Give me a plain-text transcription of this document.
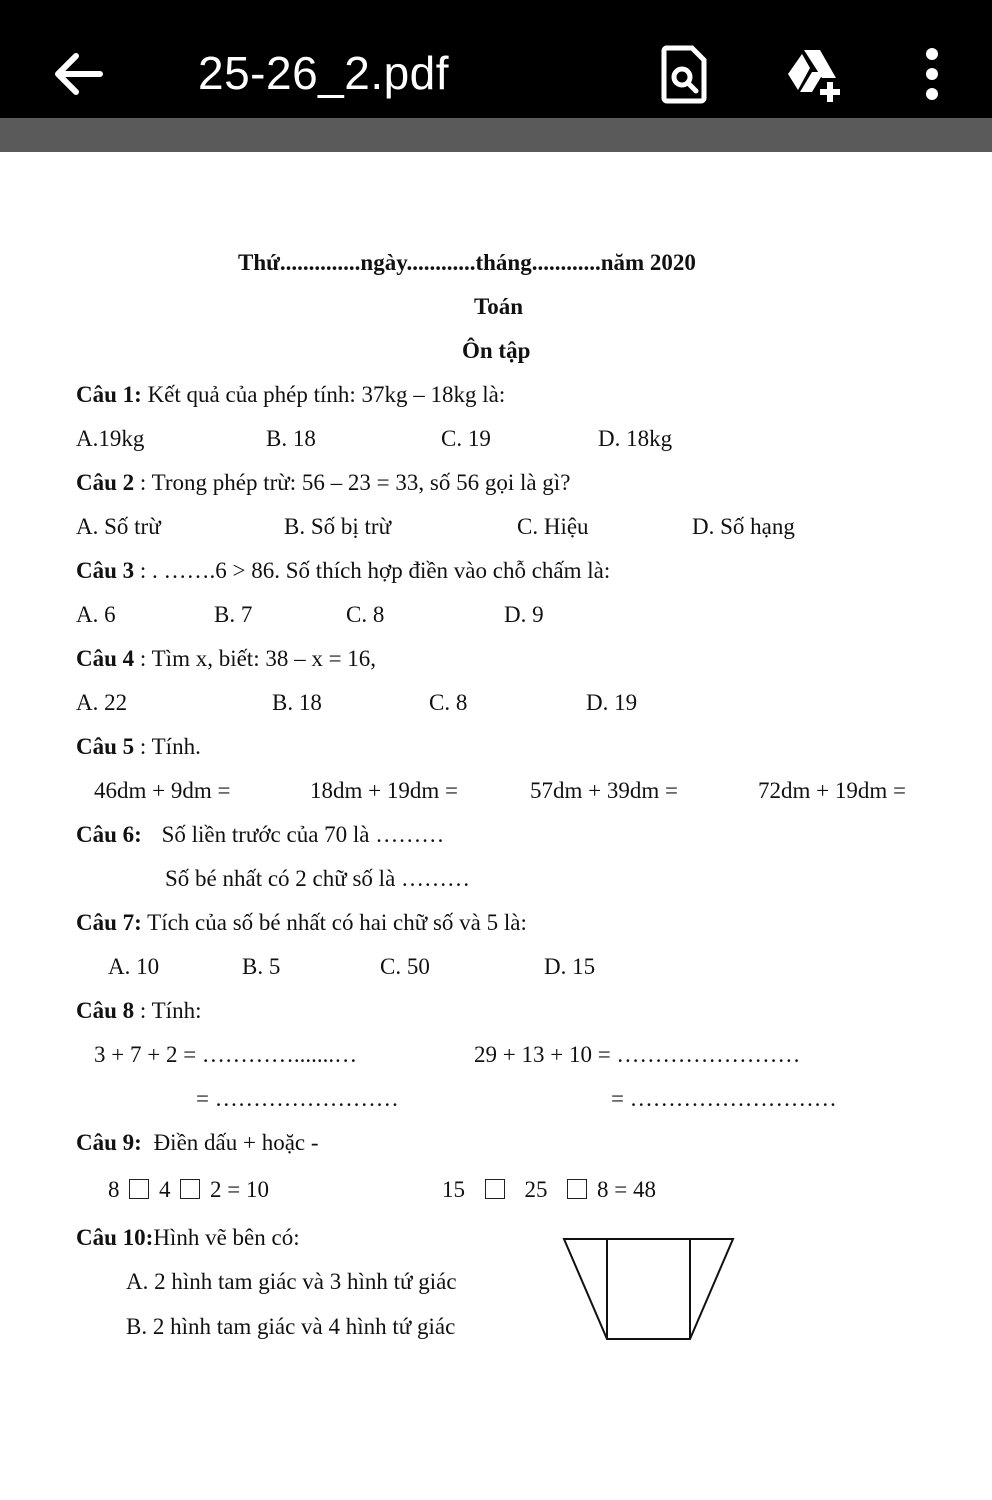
25-26_2.pdf
Thứ..............ngày............tháng............năm 2020
Toán
Ôn tập
Câu 1: Kết quả của phép tính: 37kg – 18kg là:
A.19kg	B. 18	C. 19	D. 18kg
Câu 2 : Trong phép trừ: 56 – 23 = 33, số 56 gọi là gì?
A. Số trừ	B. Số bị trừ	C. Hiệu	D. Số hạng
Câu 3 : . …….6 > 86. Số thích hợp điền vào chỗ chấm là:
A. 6	B. 7	C. 8	D. 9
Câu 4 : Tìm x, biết: 38 – x = 16,
A. 22	B. 18	C. 8	D. 19
Câu 5 : Tính.
46dm + 9dm =	18dm + 19dm =	57dm + 39dm =	72dm + 19dm =
Câu 6: Số liền trước của 70 là ………
Số bé nhất có 2 chữ số là ………
Câu 7: Tích của số bé nhất có hai chữ số và 5 là:
A. 10	B. 5	C. 50	D. 15
Câu 8 : Tính:
3 + 7 + 2 = ………….......…	29 + 13 + 10 = ……………………
= ……………………	= ………………………
Câu 9: Điền dấu + hoặc -
8 4 2 = 10	15	25 8 = 48
Câu 10:Hình vẽ bên có:
A. 2 hình tam giác và 3 hình tứ giác
B. 2 hình tam giác và 4 hình tứ giác
